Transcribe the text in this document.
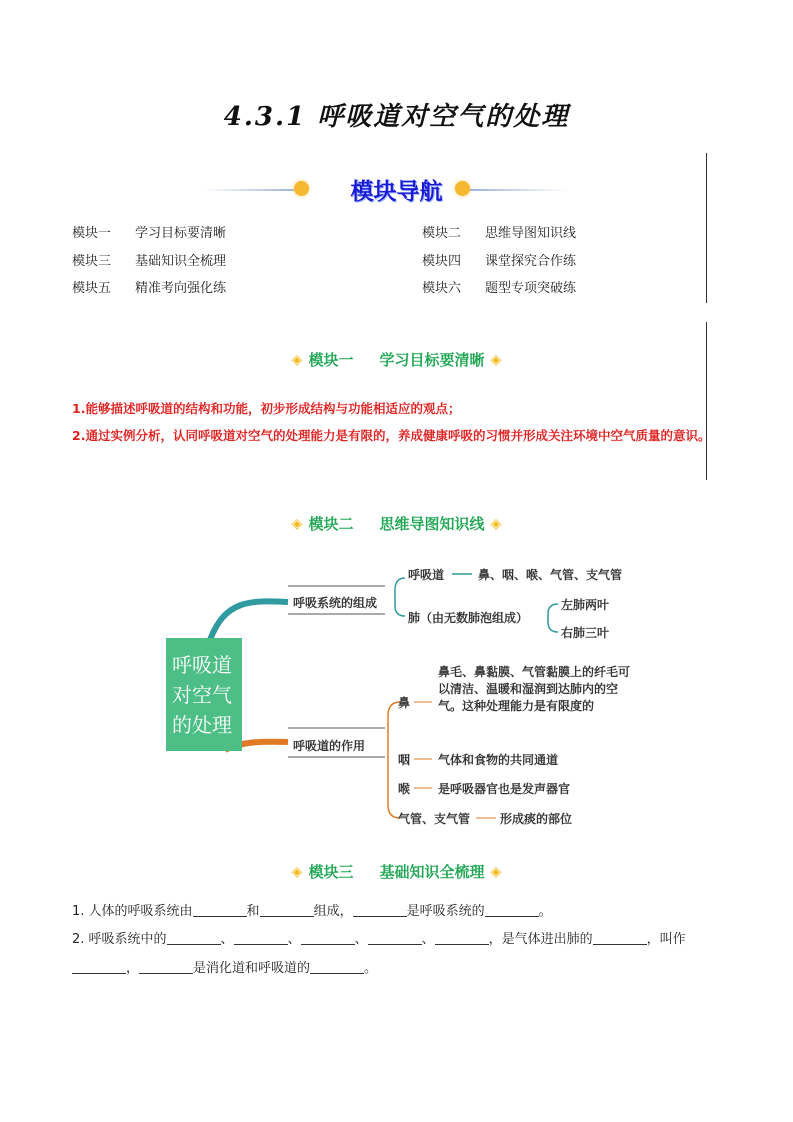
4.3.1 呼吸道对空气的处理
模块导航
模块一 学习目标要清晰	模块二 思维导图知识线
模块三 基础知识全梳理	模块四 课堂探究合作练
模块五 精准考向强化练	模块六 题型专项突破练
◈ 模块一     学习目标要清晰 ◈
1.能够描述呼吸道的结构和功能，初步形成结构与功能相适应的观点；
2.通过实例分析，认同呼吸道对空气的处理能力是有限的，养成健康呼吸的习惯并形成关注环境中空气质量的意识。
◈ 模块二     思维导图知识线 ◈
呼吸道对空气的处理
呼吸系统的组成
呼吸道	鼻、咽、喉、气管、支气管
肺（由无数肺泡组成）
左肺两叶
右肺三叶
呼吸道的作用
鼻
鼻毛、鼻黏膜、气管黏膜上的纤毛可以清洁、温暖和湿润到达肺内的空气。这种处理能力是有限度的
咽 气体和食物的共同通道
喉 是呼吸器官也是发声器官
气管、支气管 形成痰的部位
◈ 模块三     基础知识全梳理 ◈
1. 人体的呼吸系统由	和	组成，	是呼吸系统的	。
2. 呼吸系统中的	、	、	、	、	，是气体进出肺的	，叫作
，	是消化道和呼吸道的	。
